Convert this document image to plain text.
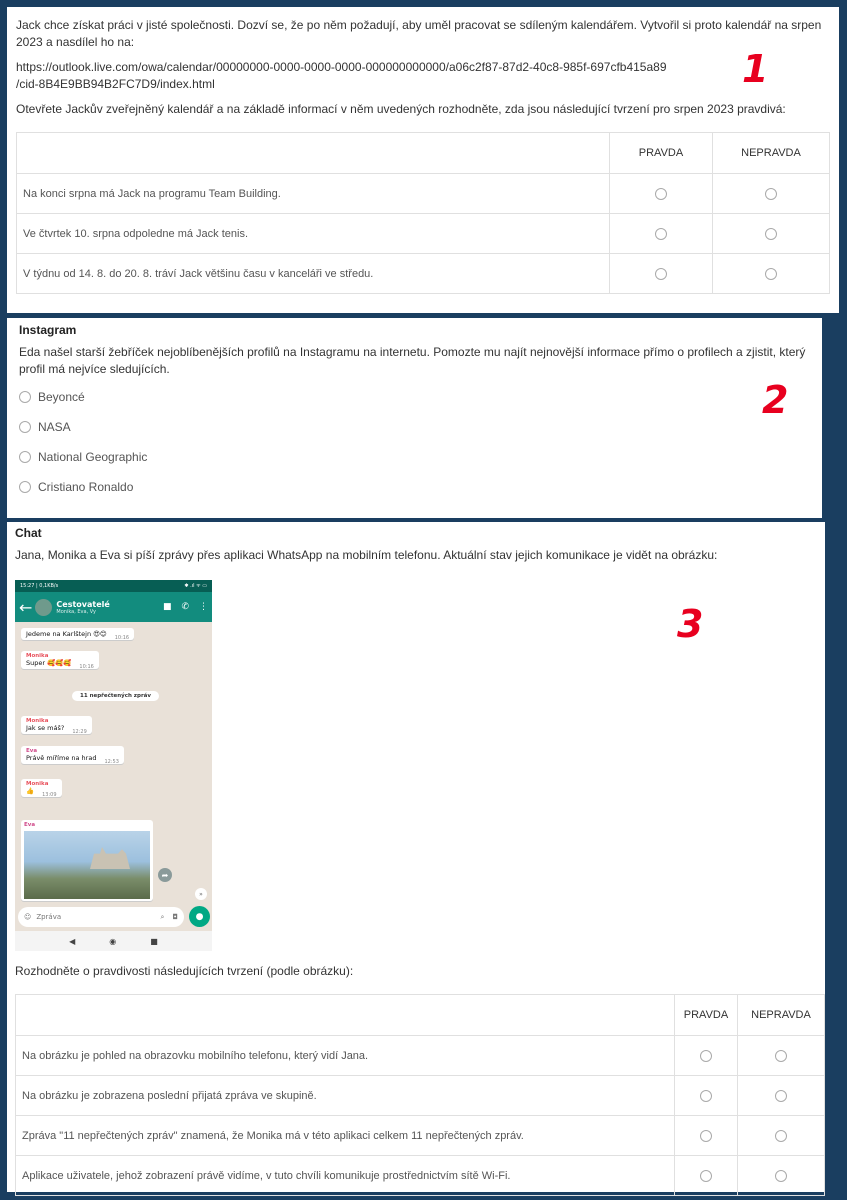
Jack chce získat práci v jisté společnosti. Dozví se, že po něm požadují, aby uměl pracovat se sdíleným kalendářem. Vytvořil si proto kalendář na srpen 2023 a nasdílel ho na:

https://outlook.live.com/owa/calendar/00000000-0000-0000-0000-000000000000/a06c2f87-87d2-40c8-985f-697cfb415a89
/cid-8B4E9BB94B2FC7D9/index.html

Otevřete Jackův zveřejněný kalendář a na základě informací v něm uvedených rozhodněte, zda jsou následující tvrzení pro srpen 2023 pravdivá:

	PRAVDA	NEPRAVDA
Na konci srpna má Jack na programu Team Building.		
Ve čtvrtek 10. srpna odpoledne má Jack tenis.		
V týdnu od 14. 8. do 20. 8. tráví Jack většinu času v kanceláři ve středu.		
1
Instagram

Eda našel starší žebříček nejoblíbenějších profilů na Instagramu na internetu. Pomozte mu najít nejnovější informace přímo o profilech a zjistit, který profil má nejvíce sledujících.

Beyoncé
NASA
National Geographic
Cristiano Ronaldo
2
Chat

Jana, Monika a Eva si píší zprávy přes aplikaci WhatsApp na mobilním telefonu. Aktuální stav jejich komunikace je vidět na obrázku:

15:27 | 0,1KB/s	✱ .ıl ᯤ ▭
←	Cestovatelé
Monika, Eva, Vy	■ ✆ ⋮
Jedeme na Karlštejn 😍😊 $_{10:16}$
Monika
Super 🥰🥰🥰 $_{10:16}$
11 nepřečtených zpráv
Monika
Jak se máš? $_{12:29}$
Eva
Právě míříme na hrad $_{12:53}$
Monika
👍 $_{13:09}$
Eva
➦
»
☺ Zpráva	⌕ ◘	●
◀	◉	■
3

Rozhodněte o pravdivosti následujících tvrzení (podle obrázku):

	PRAVDA	NEPRAVDA
Na obrázku je pohled na obrazovku mobilního telefonu, který vidí Jana.		
Na obrázku je zobrazena poslední přijatá zpráva ve skupině.		
Zpráva "11 nepřečtených zpráv" znamená, že Monika má v této aplikaci celkem 11 nepřečtených zpráv.		
Aplikace uživatele, jehož zobrazení právě vidíme, v tuto chvíli komunikuje prostřednictvím sítě Wi-Fi.		
